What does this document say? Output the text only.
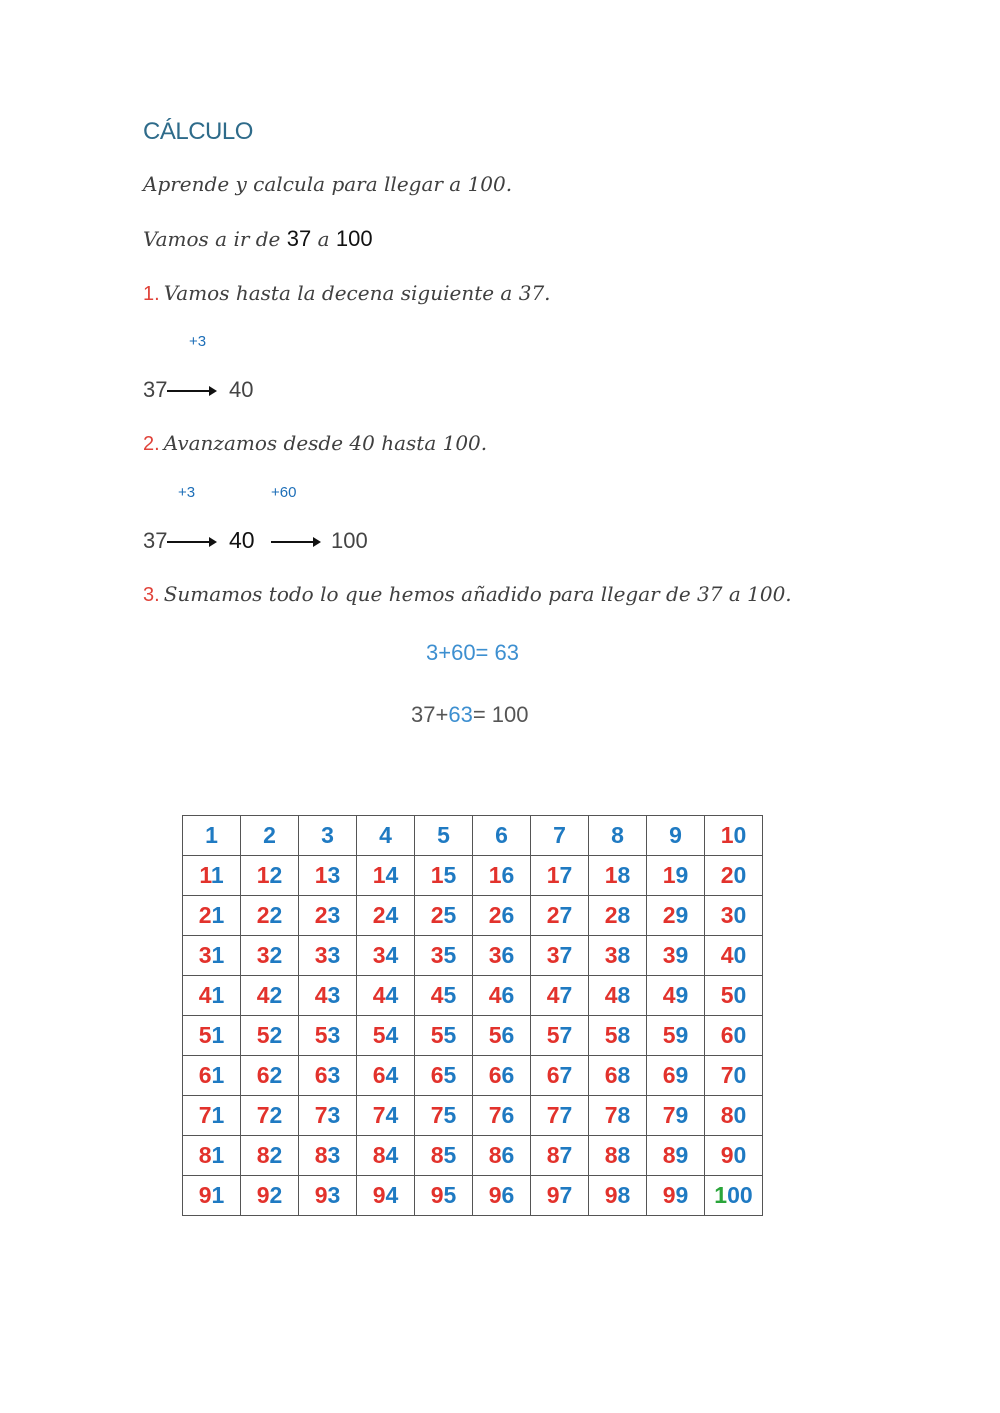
CÁLCULO
Aprende y calcula para llegar a 100.
Vamos a ir de 37 a 100
1. Vamos hasta la decena siguiente a 37.
+3
37	40
2. Avanzamos desde 40 hasta 100.
+3	+60
37	40	100
3. Sumamos todo lo que hemos añadido para llegar de 37 a 100.
3+60= 63
37+63= 100
1	2	3	4	5	6	7	8	9	10
11	12	13	14	15	16	17	18	19	20
21	22	23	24	25	26	27	28	29	30
31	32	33	34	35	36	37	38	39	40
41	42	43	44	45	46	47	48	49	50
51	52	53	54	55	56	57	58	59	60
61	62	63	64	65	66	67	68	69	70
71	72	73	74	75	76	77	78	79	80
81	82	83	84	85	86	87	88	89	90
91	92	93	94	95	96	97	98	99	100
